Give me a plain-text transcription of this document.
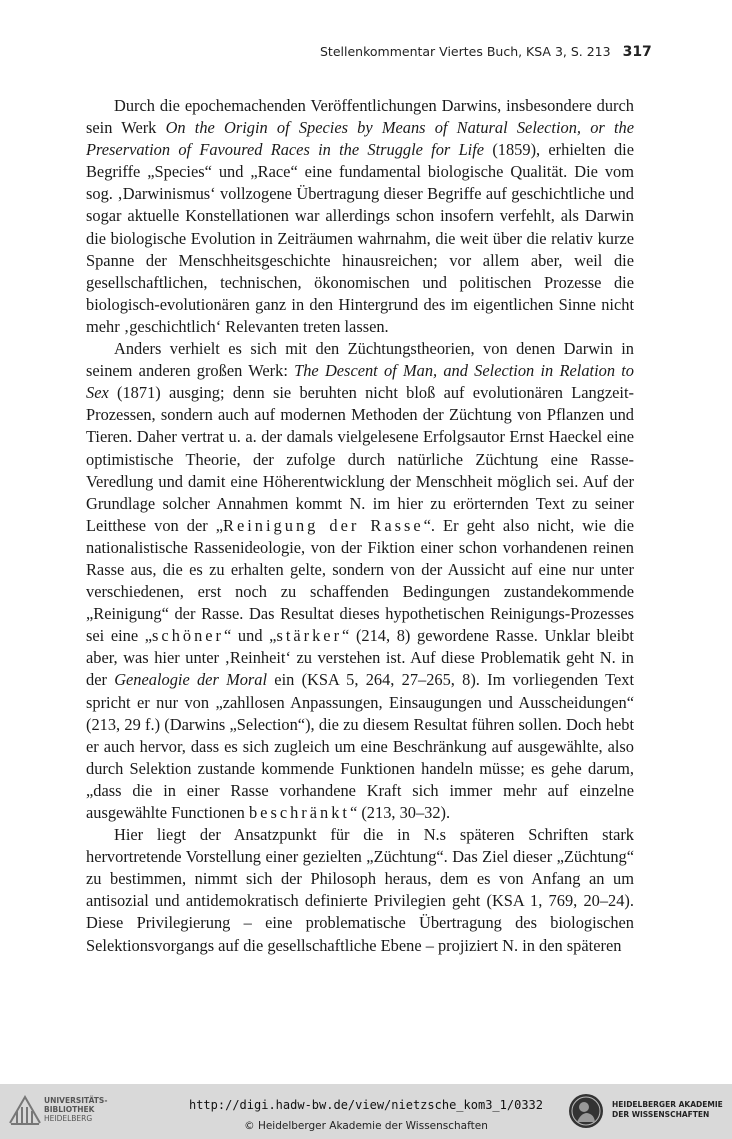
Stellenkommentar Viertes Buch, KSA 3, S. 213 317

Durch die epochemachenden Veröffentlichungen Darwins, insbesondere durch sein Werk On the Origin of Species by Means of Natural Selection, or the Preservation of Favoured Races in the Struggle for Life (1859), erhielten die Begriffe „Species“ und „Race“ eine fundamental biologische Qualität. Die vom sog. ‚Darwinismus‘ vollzogene Übertragung dieser Begriffe auf geschichtliche und sogar aktuelle Konstellationen war allerdings schon insofern verfehlt, als Darwin die biologische Evolution in Zeiträumen wahrnahm, die weit über die relativ kurze Spanne der Menschheitsgeschichte hinausreichen; vor allem aber, weil die gesellschaftlichen, technischen, ökonomischen und politischen Prozesse die biologisch-evolutionären ganz in den Hintergrund des im eigentlichen Sinne nicht mehr ‚geschichtlich‘ Relevanten treten lassen.

Anders verhielt es sich mit den Züchtungstheorien, von denen Darwin in seinem anderen großen Werk: The Descent of Man, and Selection in Relation to Sex (1871) ausging; denn sie beruhten nicht bloß auf evolutionären Langzeit-Prozessen, sondern auch auf modernen Methoden der Züchtung von Pflanzen und Tieren. Daher vertrat u. a. der damals vielgelesene Erfolgsautor Ernst Haeckel eine optimistische Theorie, der zufolge durch natürliche Züchtung eine Rasse-Veredlung und damit eine Höherentwicklung der Menschheit möglich sei. Auf der Grundlage solcher Annahmen kommt N. im hier zu erörternden Text zu seiner Leitthese von der „Reinigung der Rasse“. Er geht also nicht, wie die nationalistische Rassenideologie, von der Fiktion einer schon vorhandenen reinen Rasse aus, die es zu erhalten gelte, sondern von der Aussicht auf eine nur unter verschiedenen, erst noch zu schaffenden Bedingungen zustandekommende „Reinigung“ der Rasse. Das Resultat dieses hypothetischen Reinigungs-Prozesses sei eine „schöner“ und „stärker“ (214, 8) gewordene Rasse. Unklar bleibt aber, was hier unter ‚Reinheit‘ zu verstehen ist. Auf diese Problematik geht N. in der Genealogie der Moral ein (KSA 5, 264, 27–265, 8). Im vorliegenden Text spricht er nur von „zahllosen Anpassungen, Einsaugungen und Ausscheidungen“ (213, 29 f.) (Darwins „Selection“), die zu diesem Resultat führen sollen. Doch hebt er auch hervor, dass es sich zugleich um eine Beschränkung auf ausgewählte, also durch Selektion zustande kommende Funktionen handeln müsse; es gehe darum, „dass die in einer Rasse vorhandene Kraft sich immer mehr auf einzelne ausgewählte Functionen beschränkt“ (213, 30–32).

Hier liegt der Ansatzpunkt für die in N.s späteren Schriften stark hervortretende Vorstellung einer gezielten „Züchtung“. Das Ziel dieser „Züchtung“ zu bestimmen, nimmt sich der Philosoph heraus, dem es von Anfang an um antisozial und antidemokratisch definierte Privilegien geht (KSA 1, 769, 20–24). Diese Privilegierung – eine problematische Übertragung des biologischen Selektionsvorgangs auf die gesellschaftliche Ebene – projiziert N. in den späteren

UNIVERSITÄTS-
BIBLIOTHEK
HEIDELBERG
http://digi.hadw-bw.de/view/nietzsche_kom3_1/0332
© Heidelberger Akademie der Wissenschaften
HEIDELBERGER AKADEMIE
DER WISSENSCHAFTEN
